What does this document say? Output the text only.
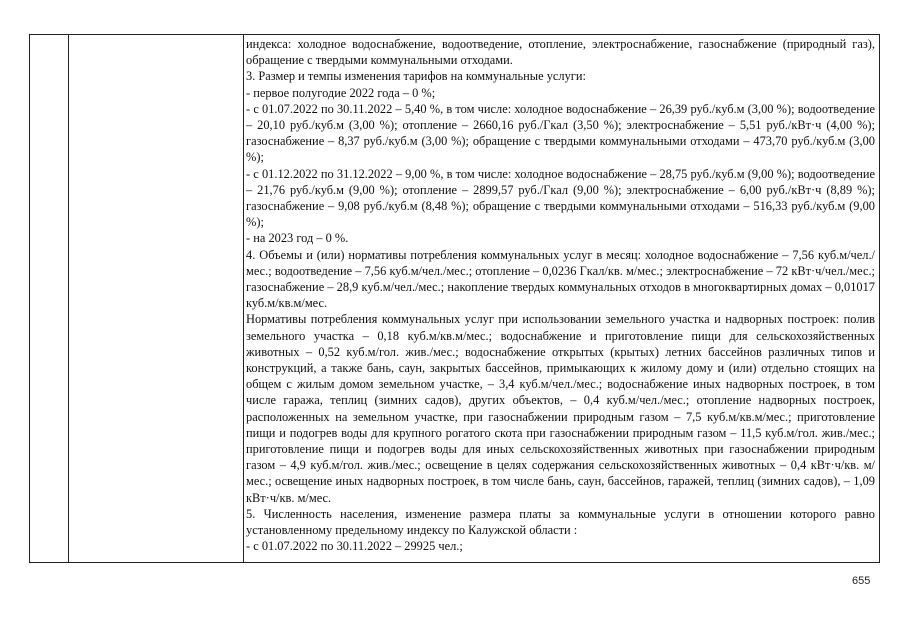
индекса: холодное водоснабжение, водоотведение, отопление, электроснабжение, газоснабжение (природный газ), обращение с твердыми коммунальными отходами.

3. Размер и темпы изменения тарифов на коммунальные услуги:

- первое полугодие 2022 года – 0 %;

- с 01.07.2022 по 30.11.2022 – 5,40 %, в том числе: холодное водоснабжение – 26,39 руб./куб.м (3,00 %); водоотведение – 20,10 руб./куб.м (3,00 %); отопление – 2660,16 руб./Гкал (3,50 %); электроснабжение – 5,51 руб./кВт·ч (4,00 %); газоснабжение – 8,37 руб./куб.м (3,00 %); обращение с твердыми коммунальными отходами – 473,70 руб./куб.м (3,00 %);

- с 01.12.2022 по 31.12.2022 – 9,00 %, в том числе: холодное водоснабжение – 28,75 руб./куб.м (9,00 %); водоотведение – 21,76 руб./куб.м (9,00 %); отопление – 2899,57 руб./Гкал (9,00 %); электроснабжение – 6,00 руб./кВт·ч (8,89 %); газоснабжение – 9,08 руб./куб.м (8,48 %); обращение с твердыми коммунальными отходами – 516,33 руб./куб.м (9,00 %);

- на 2023 год – 0 %.

4. Объемы и (или) нормативы потребления коммунальных услуг в месяц: холодное водоснабжение – 7,56 куб.м/чел./мес.; водоотведение – 7,56 куб.м/чел./мес.; отопление – 0,0236 Гкал/кв. м/мес.; электроснабжение – 72 кВт·ч/чел./мес.; газоснабжение – 28,9 куб.м/чел./мес.; накопление твердых коммунальных отходов в многоквартирных домах – 0,01017 куб.м/кв.м/мес.

Нормативы потребления коммунальных услуг при использовании земельного участка и надворных построек: полив земельного участка – 0,18 куб.м/кв.м/мес.; водоснабжение и приготовление пищи для сельскохозяйственных животных – 0,52 куб.м/гол. жив./мес.; водоснабжение открытых (крытых) летних бассейнов различных типов и конструкций, а также бань, саун, закрытых бассейнов, примыкающих к жилому дому и (или) отдельно стоящих на общем с жилым домом земельном участке, – 3,4 куб.м/чел./мес.; водоснабжение иных надворных построек, в том числе гаража, теплиц (зимних садов), других объектов, – 0,4 куб.м/чел./мес.; отопление надворных построек, расположенных на земельном участке, при газоснабжении природным газом – 7,5 куб.м/кв.м/мес.; приготовление пищи и подогрев воды для крупного рогатого скота при газоснабжении природным газом – 11,5 куб.м/гол. жив./мес.; приготовление пищи и подогрев воды для иных сельскохозяйственных животных при газоснабжении природным газом – 4,9 куб.м/гол. жив./мес.; освещение в целях содержания сельскохозяйственных животных – 0,4 кВт·ч/кв. м/мес.; освещение иных надворных построек, в том числе бань, саун, бассейнов, гаражей, теплиц (зимних садов), – 1,09 кВт·ч/кв. м/мес.

5. Численность населения, изменение размера платы за коммунальные услуги в отношении которого равно установленному предельному индексу по Калужской области :

- с 01.07.2022 по 30.11.2022 – 29925 чел.;

655
